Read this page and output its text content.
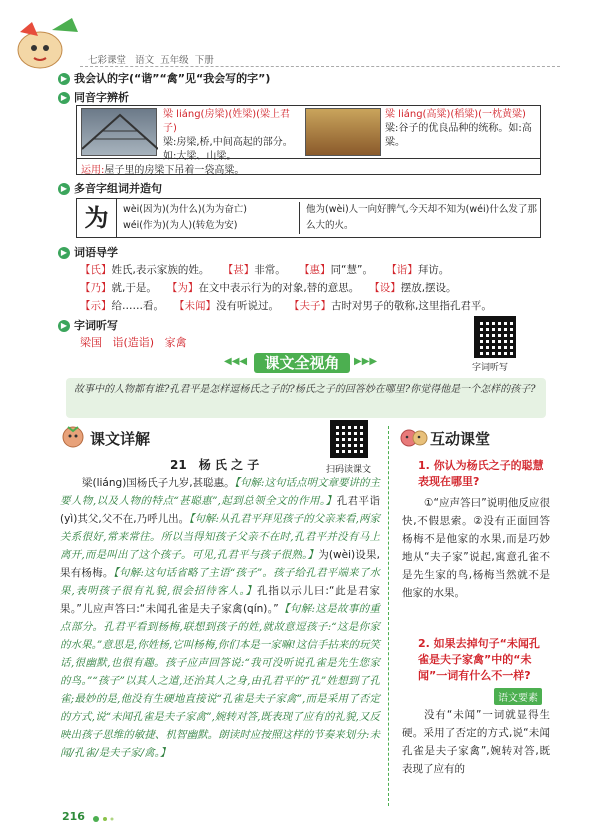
七彩课堂 语文 五年级 下册
▶ 我会认的字(“谐”“禽”见“我会写的字”)
▶ 同音字辨析
梁 liáng(房梁)(姓梁)(梁上君子)
梁:房梁,桥,中间高起的部分。如:大梁、山梁。
粱 liáng(高粱)(稻粱)(一枕黄粱)
粱:谷子的优良品种的统称。如:高粱。
运用:屋子里的房梁下吊着一袋高粱。
▶ 多音字组词并造句
为	wèi(因为)(为什么)(为为奋亡)
wéi(作为)(为人)(转危为安)
他为(wèi)人一向好脾气,今天却不知为(wéi)什么发了那么大的火。
▶ 词语导学
【氏】姓氏,表示家族的姓。 【甚】非常。 【惠】同“慧”。 【诣】拜访。
【乃】就,于是。 【为】在文中表示行为的对象,替的意思。 【设】摆放,摆设。
【示】给……看。 【未闻】没有听说过。 【夫子】古时对男子的敬称,这里指孔君平。
▶ 字词听写
梁国 诣(造诣) 家禽
字词听写
◀◀◀	课文全视角	▶▶▶
故事中的人物都有谁?孔君平是怎样逗杨氏之子的?杨氏之子的回答妙在哪里?你觉得他是一个怎样的孩子?
课文详解
扫码读课文
21　杨 氏 之 子
梁(liáng)国杨氏子九岁,甚聪惠。【句解:这句话点明文章要讲的主要人物,以及人物的特点“甚聪惠”,起到总领全文的作用。】孔君平诣(yì)其父,父不在,乃呼儿出。【句解:从孔君平拜见孩子的父亲来看,两家关系很好,常来常往。所以当得知孩子父亲不在时,孔君平并没有马上离开,而是叫出了这个孩子。可见,孔君平与孩子很熟。】为(wèi)设果,果有杨梅。【句解:这句话省略了主语“孩子”。孩子给孔君平端来了水果,表明孩子很有礼貌,很会招待客人。】孔指以示儿曰:“此是君家果。”儿应声答曰:“未闻孔雀是夫子家禽(qín)。”【句解:这是故事的重点部分。孔君平看到杨梅,联想到孩子的姓,就故意逗孩子:“这是你家的水果。”意思是,你姓杨,它叫杨梅,你们本是一家嘛!这信手拈来的玩笑话,很幽默,也很有趣。孩子应声回答说:“我可没听说孔雀是先生您家的鸟。”“孩子”以其人之道,还治其人之身,由孔君平的“孔”姓想到了孔雀;最妙的是,他没有生硬地直接说“孔雀是夫子家禽”,而是采用了否定的方式,说“未闻孔雀是夫子家禽”,婉转对答,既表现了应有的礼貌,又反映出孩子思维的敏捷、机智幽默。朗读时应按照这样的节奏来划分:未闻/孔雀/是夫子家/禽。】
互动课堂
1. 你认为杨氏之子的聪慧表现在哪里?
①“应声答曰”说明他反应很快,不假思索。②没有正面回答杨梅不是他家的水果,而是巧妙地从“夫子家”说起,寓意孔雀不是先生家的鸟,杨梅当然就不是他家的水果。
2. 如果去掉句子“未闻孔雀是夫子家禽”中的“未闻”一词有什么不一样?
语文要素
没有“未闻”一词就显得生硬。采用了否定的方式,说“未闻孔雀是夫子家禽”,婉转对答,既表现了应有的
216
